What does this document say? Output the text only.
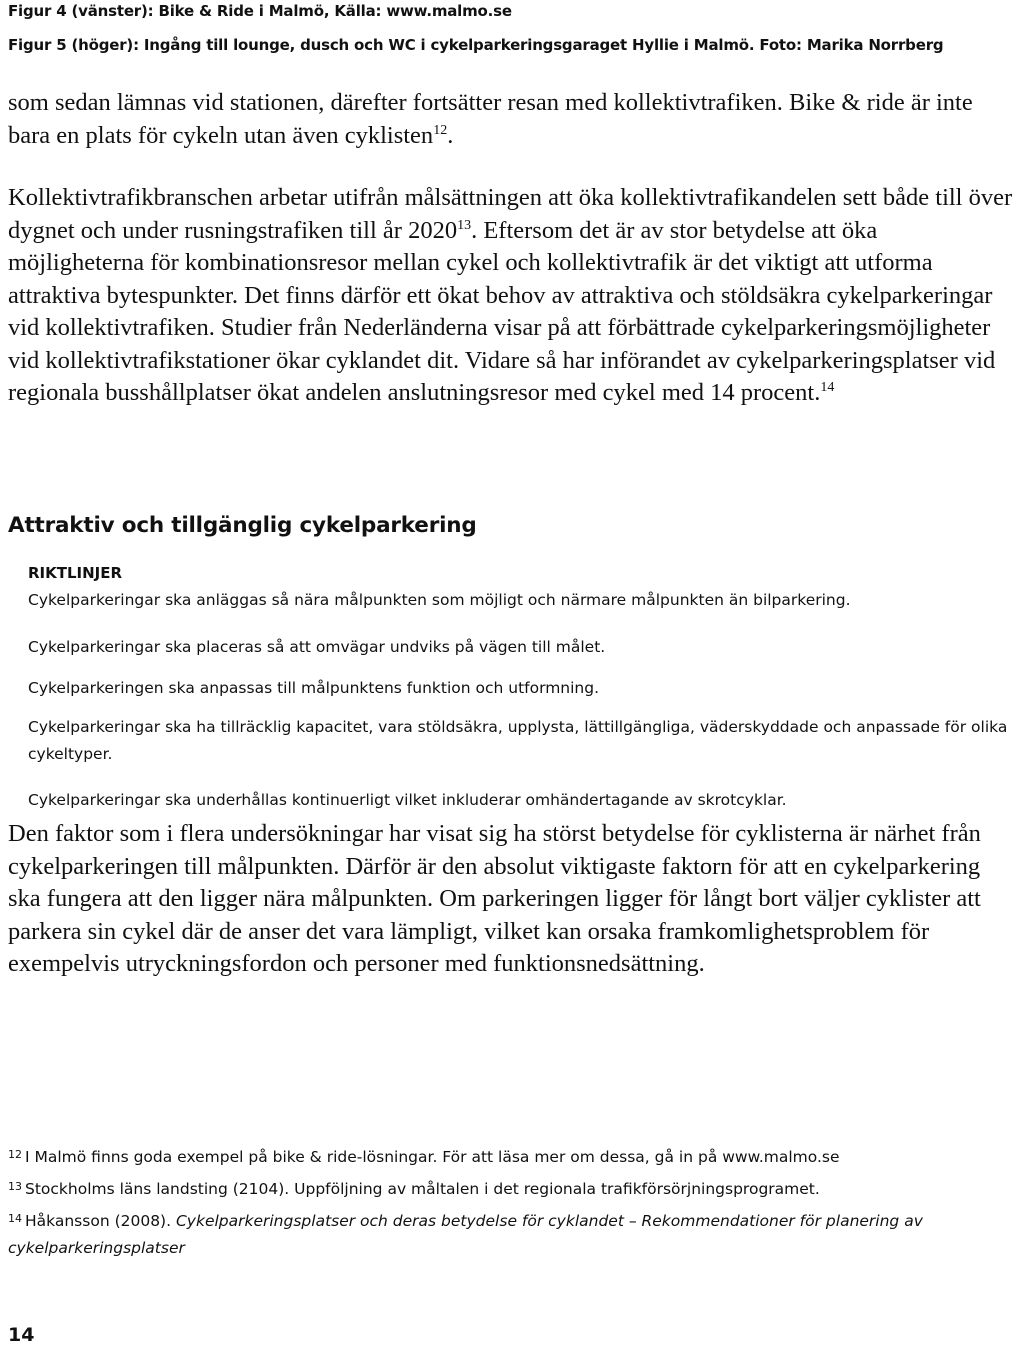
Figur 4 (vänster): Bike & Ride i Malmö, Källa: www.malmo.se
Figur 5 (höger): Ingång till lounge, dusch och WC i cykelparkeringsgaraget Hyllie i Malmö. Foto: Marika Norrberg

som sedan lämnas vid stationen, därefter fortsätter resan med kollektivtrafiken. Bike & ride är inte bara en plats för cykeln utan även cyklisten$^{12}$.

Kollektivtrafikbranschen arbetar utifrån målsättningen att öka kollektivtrafikandelen sett både till över dygnet och under rusningstrafiken till år 2020$^{13}$. Eftersom det är av stor betydelse att öka möjligheterna för kombinationsresor mellan cykel och kollektivtrafik är det viktigt att utforma attraktiva bytespunkter. Det finns därför ett ökat behov av attraktiva och stöldsäkra cykelparkeringar vid kollektivtrafiken. Studier från Nederländerna visar på att förbättrade cykelparkeringsmöjligheter vid kollektivtrafikstationer ökar cyklandet dit. Vidare så har införandet av cykelparkeringsplatser vid regionala busshållplatser ökat andelen anslutningsresor med cykel med 14 procent.$^{14}$

Attraktiv och tillgänglig cykelparkering
RIKTLINJER
Cykelparkeringar ska anläggas så nära målpunkten som möjligt och närmare målpunkten än bilparkering.
Cykelparkeringar ska placeras så att omvägar undviks på vägen till målet.
Cykelparkeringen ska anpassas till målpunktens funktion och utformning.
Cykelparkeringar ska ha tillräcklig kapacitet, vara stöldsäkra, upplysta, lättillgängliga, väderskyddade och anpassade för olika cykeltyper.
Cykelparkeringar ska underhållas kontinuerligt vilket inkluderar omhändertagande av skrotcyklar.

Den faktor som i flera undersökningar har visat sig ha störst betydelse för cyklisterna är närhet från cykelparkeringen till målpunkten. Därför är den absolut viktigaste faktorn för att en cykelparkering ska fungera att den ligger nära målpunkten. Om parkeringen ligger för långt bort väljer cyklister att parkera sin cykel där de anser det vara lämpligt, vilket kan orsaka framkomlighetsproblem för exempelvis utryckningsfordon och personer med funktionsnedsättning.

$^{12}$ I Malmö finns goda exempel på bike & ride-lösningar. För att läsa mer om dessa, gå in på www.malmo.se
$^{13}$ Stockholms läns landsting (2104). Uppföljning av måltalen i det regionala trafikförsörjningsprogramet.
$^{14}$ Håkansson (2008). Cykelparkeringsplatser och deras betydelse för cyklandet – Rekommendationer för planering av cykelparkeringsplatser
14
